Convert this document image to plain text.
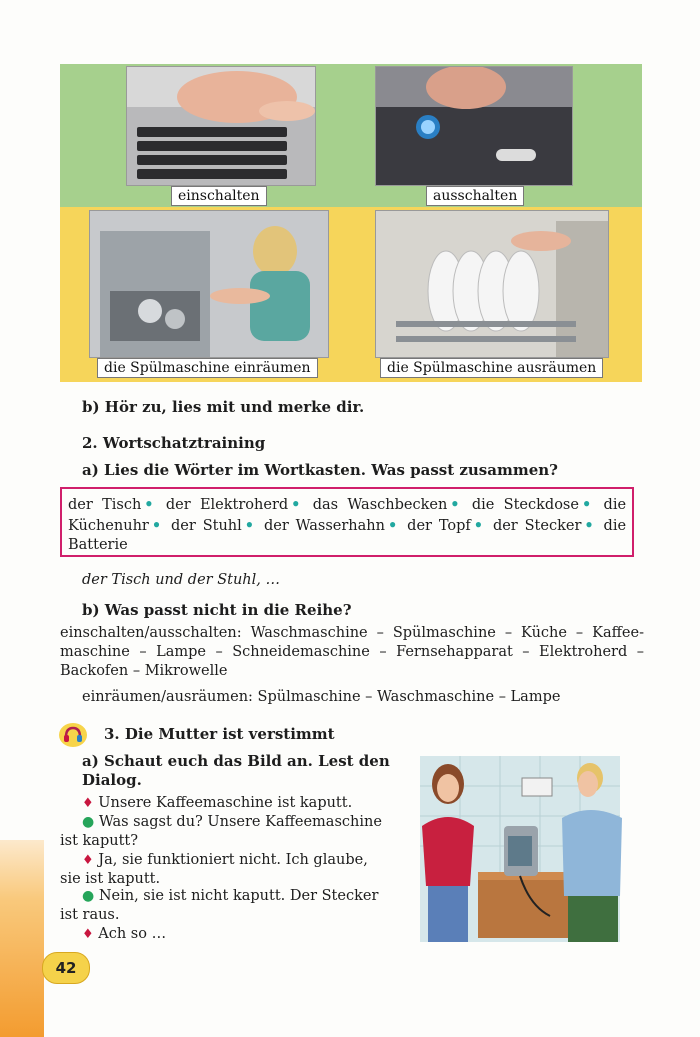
einschalten	ausschalten
die Spülmaschine einräumen	die Spülmaschine ausräumen
b) Hör zu, lies mit und merke dir.
2. Wortschatztraining
a) Lies die Wörter im Wortkasten. Was passt zusammen?
der Tisch • der Elektroherd • das Waschbecken • die Steckdose • die Küchenuhr • der Stuhl • der Wasserhahn • der Topf • der Stecker • die Batterie
der Tisch und der Stuhl, …
b) Was passt nicht in die Reihe?
einschalten/ausschalten: Waschmaschine – Spülmaschine – Küche – Kaffee-
maschine – Lampe – Schneidemaschine – Fernsehapparat – Elektroherd –
Backofen – Mikrowelle
einräumen/ausräumen: Spülmaschine – Waschmaschine – Lampe
3. Die Mutter ist verstimmt
a) Schaut euch das Bild an. Lest den
Dialog.
♦ Unsere Kaffeemaschine ist kaputt.
● Was sagst du? Unsere Kaffeemaschine
ist kaputt?
♦ Ja, sie funktioniert nicht. Ich glaube,
sie ist kaputt.
● Nein, sie ist nicht kaputt. Der Stecker
ist raus.
♦ Ach so …
42
